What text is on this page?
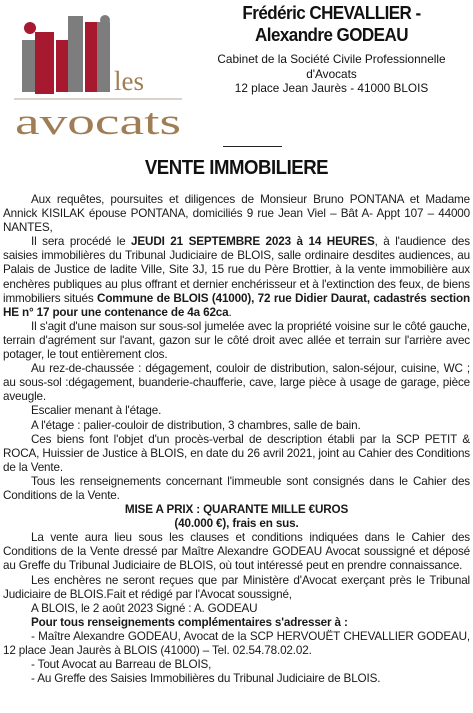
les
avocats
Frédéric CHEVALLIER -
Alexandre GODEAU
Cabinet de la Société Civile Professionnelle
d'Avocats
12 place Jean Jaurès - 41000 BLOIS
VENTE IMMOBILIERE

Aux requêtes, poursuites et diligences de Monsieur Bruno PONTANA et Madame Annick KISILAK épouse PONTANA, domiciliés 9 rue Jean Viel – Bât A- Appt 107 – 44000 NANTES,

Il sera procédé le JEUDI 21 SEPTEMBRE 2023 à 14 HEURES, à l'audience des saisies immobilières du Tribunal Judiciaire de BLOIS, salle ordinaire desdites audiences, au Palais de Justice de ladite Ville, Site 3J, 15 rue du Père Brottier, à la vente immobilière aux enchères publiques au plus offrant et dernier enchérisseur et à l'extinction des feux, de biens immobiliers situés Commune de BLOIS (41000), 72 rue Didier Daurat, cadastrés section HE n° 17 pour une contenance de 4a 62ca.

Il s'agit d'une maison sur sous-sol jumelée avec la propriété voisine sur le côté gauche, terrain d'agrément sur l'avant, gazon sur le côté droit avec allée et terrain sur l'arrière avec potager, le tout entièrement clos.

Au rez-de-chaussée : dégagement, couloir de distribution, salon-séjour, cuisine, WC ; au sous-sol :dégagement, buanderie-chaufferie, cave, large pièce à usage de garage, pièce aveugle.

Escalier menant à l'étage.

A l'étage : palier-couloir de distribution, 3 chambres, salle de bain.

Ces biens font l'objet d'un procès-verbal de description établi par la SCP PETIT & ROCA, Huissier de Justice à BLOIS, en date du 26 avril 2021, joint au Cahier des Conditions de la Vente.

Tous les renseignements concernant l'immeuble sont consignés dans le Cahier des Conditions de la Vente.

MISE A PRIX : QUARANTE MILLE €UROS

(40.000 €), frais en sus.

La vente aura lieu sous les clauses et conditions indiquées dans le Cahier des Conditions de la Vente dressé par Maître Alexandre GODEAU Avocat soussigné et déposé au Greffe du Tribunal Judiciaire de BLOIS, où tout intéressé peut en prendre connaissance.

Les enchères ne seront reçues que par Ministère d'Avocat exerçant près le Tribunal Judiciaire de BLOIS.Fait et rédigé par l'Avocat soussigné,

A BLOIS, le 2 août 2023 Signé : A. GODEAU

Pour tous renseignements complémentaires s'adresser à :

- Maître Alexandre GODEAU, Avocat de la SCP HERVOUËT CHEVALLIER GODEAU, 12 place Jean Jaurès à BLOIS (41000) – Tel. 02.54.78.02.02.

- Tout Avocat au Barreau de BLOIS,

- Au Greffe des Saisies Immobilières du Tribunal Judiciaire de BLOIS.
